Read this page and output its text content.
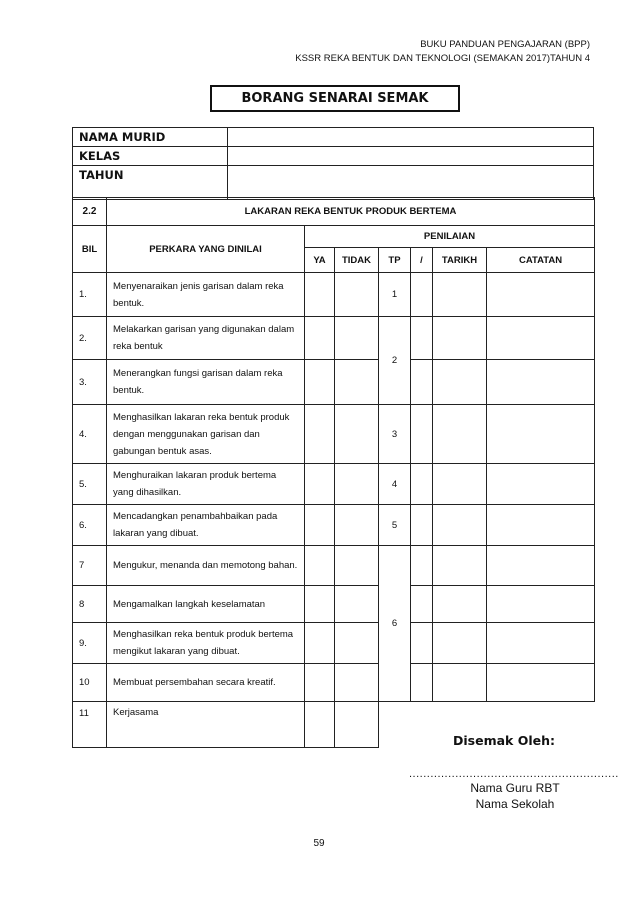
BUKU PANDUAN PENGAJARAN (BPP)
KSSR REKA BENTUK DAN TEKNOLOGI (SEMAKAN 2017)TAHUN 4
BORANG SENARAI SEMAK
NAMA MURID	
KELAS	
TAHUN	
2.2	LAKARAN REKA BENTUK PRODUK BERTEMA						
BIL	PERKARA YANG DINILAI	PENILAIAN					
		YA	TIDAK	TP	/	TARIKH	CATATAN
1.	Menyenaraikan jenis garisan dalam reka bentuk.			1			
2.	Melakarkan garisan yang digunakan dalam reka bentuk			2			
3.	Menerangkan fungsi garisan dalam reka bentuk.						
4.	Menghasilkan lakaran reka bentuk produk dengan menggunakan garisan dan gabungan bentuk asas.			3			
5.	Menghuraikan lakaran produk bertema yang dihasilkan.			4			
6.	Mencadangkan penambahbaikan pada lakaran yang dibuat.			5			
7	Mengukur, menanda dan memotong bahan.			6			
8	Mengamalkan langkah keselamatan						
9.	Menghasilkan reka bentuk produk bertema mengikut lakaran yang dibuat.						
10	Membuat persembahan secara kreatif.						
11	Kerjasama						
Disemak Oleh:
...........................................................
Nama Guru RBT
Nama Sekolah
59
